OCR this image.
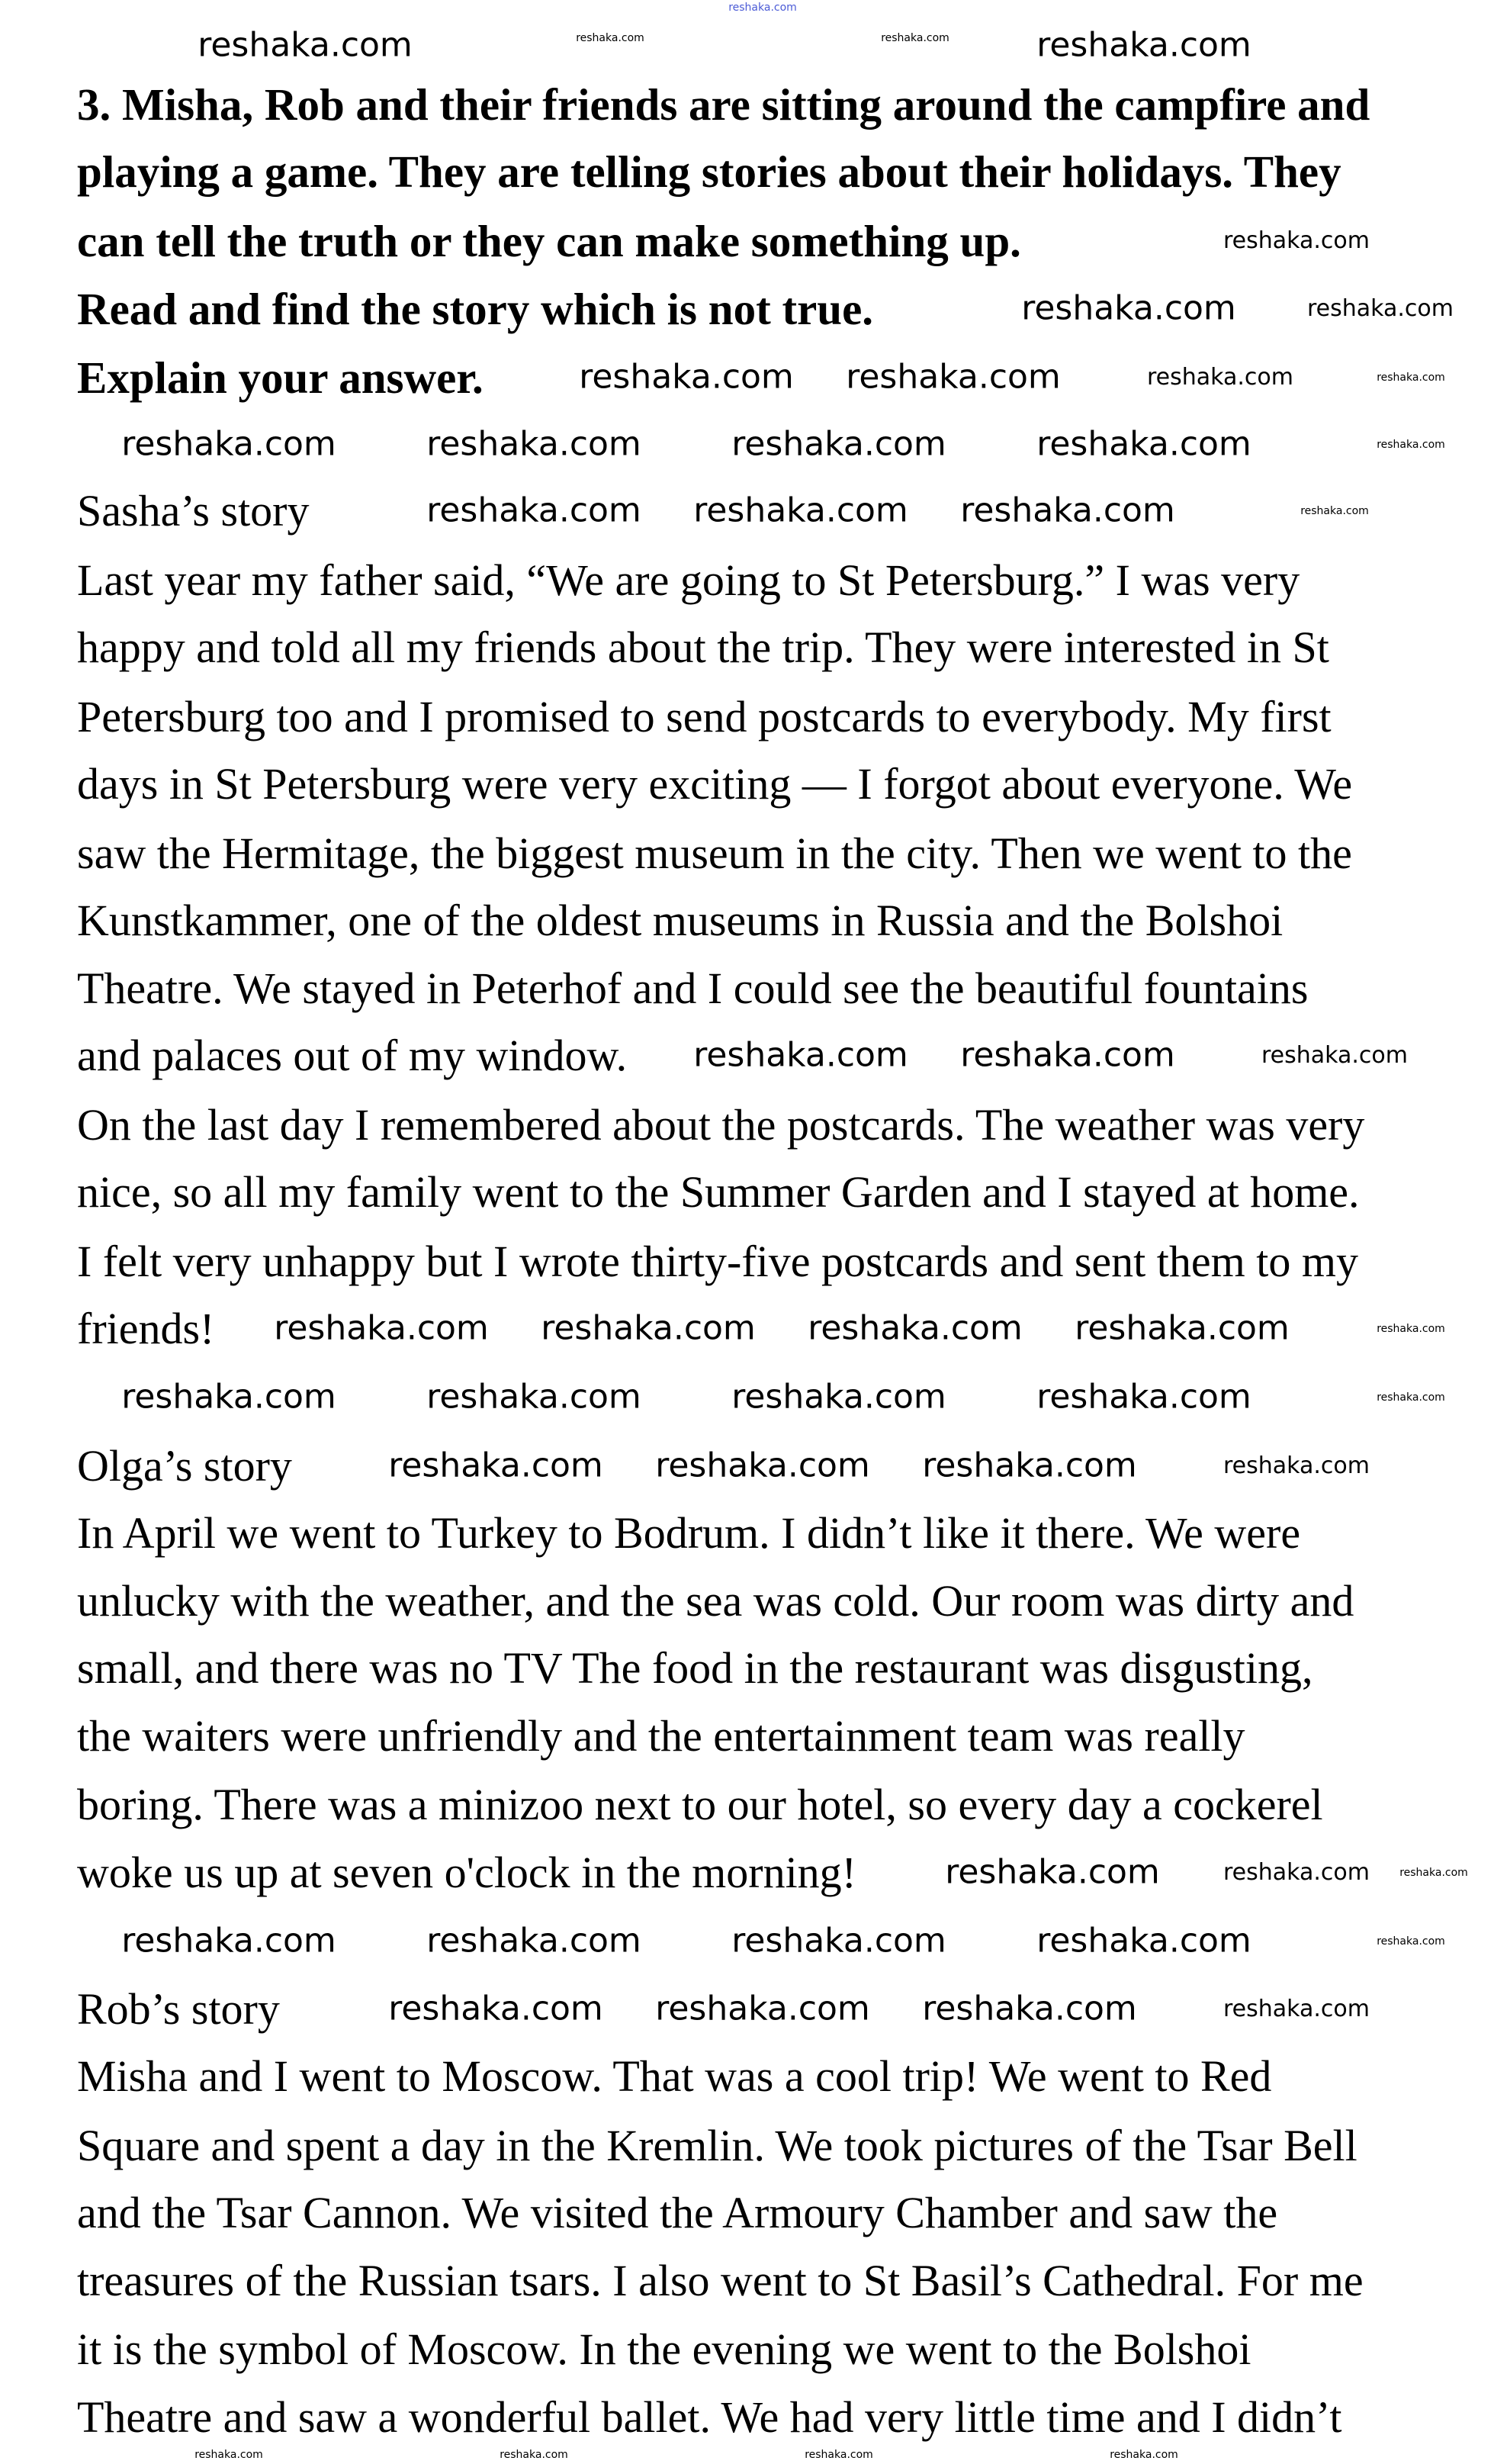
reshaka.com
3. Misha, Rob and their friends are sitting around the campfire and
playing a game. They are telling stories about their holidays. They
can tell the truth or they can make something up.
Read and find the story which is not true.
Explain your answer.
Sasha’s story
Last year my father said, “We are going to St Petersburg.” I was very
happy and told all my friends about the trip. They were interested in St
Petersburg too and I promised to send postcards to everybody. My first
days in St Petersburg were very exciting — I forgot about everyone. We
saw the Hermitage, the biggest museum in the city. Then we went to the
Kunstkammer, one of the oldest museums in Russia and the Bolshoi
Theatre. We stayed in Peterhof and I could see the beautiful fountains
and palaces out of my window.
On the last day I remembered about the postcards. The weather was very
nice, so all my family went to the Summer Garden and I stayed at home.
I felt very unhappy but I wrote thirty-five postcards and sent them to my
friends!
Olga’s story
In April we went to Turkey to Bodrum. I didn’t like it there. We were
unlucky with the weather, and the sea was cold. Our room was dirty and
small, and there was no TV The food in the restaurant was disgusting,
the waiters were unfriendly and the entertainment team was really
boring. There was a minizoo next to our hotel, so every day a cockerel
woke us up at seven o'clock in the morning!
Rob’s story
Misha and I went to Moscow. That was a cool trip! We went to Red
Square and spent a day in the Kremlin. We took pictures of the Tsar Bell
and the Tsar Cannon. We visited the Armoury Chamber and saw the
treasures of the Russian tsars. I also went to St Basil’s Cathedral. For me
it is the symbol of Moscow. In the evening we went to the Bolshoi
Theatre and saw a wonderful ballet. We had very little time and I didn’t
reshaka.com	reshaka.com
reshaka.com	reshaka.com
reshaka.com
reshaka.com	reshaka.com
reshaka.com reshaka.com	reshaka.com	reshaka.com
reshaka.com	reshaka.com	reshaka.com	reshaka.com	reshaka.com
reshaka.com reshaka.com reshaka.com	reshaka.com
reshaka.com reshaka.com	reshaka.com
reshaka.com reshaka.com reshaka.com reshaka.com	reshaka.com
reshaka.com	reshaka.com	reshaka.com	reshaka.com	reshaka.com
reshaka.com reshaka.com reshaka.com	reshaka.com
reshaka.com	reshaka.com	reshaka.com
reshaka.com	reshaka.com	reshaka.com	reshaka.com	reshaka.com
reshaka.com reshaka.com reshaka.com	reshaka.com
reshaka.com	reshaka.com	reshaka.com	reshaka.com
